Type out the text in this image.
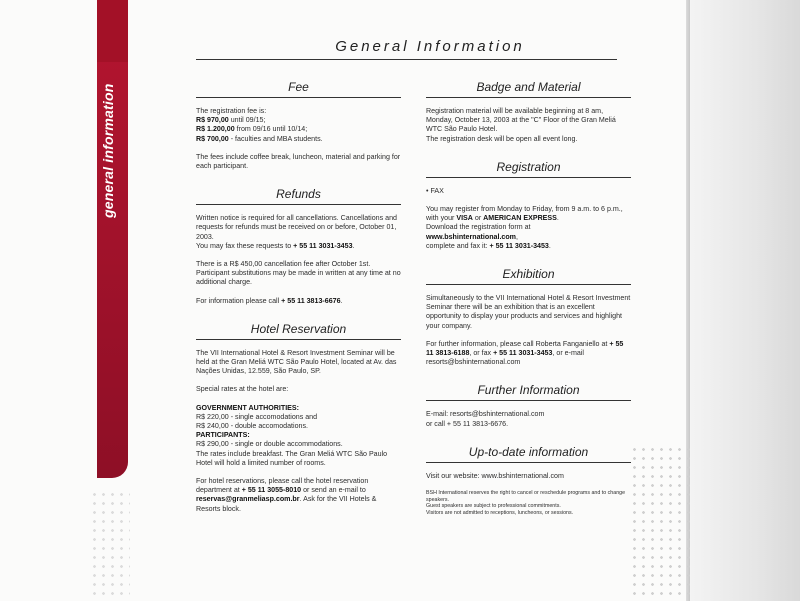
general information
General Information
Fee

The registration fee is:
R$ 970,00 until 09/15;
R$ 1.200,00 from 09/16 until 10/14;
R$ 700,00 - faculties and MBA students.

The fees include coffee break, luncheon, material and parking for each participant.

Refunds

Written notice is required for all cancellations. Cancellations and requests for refunds must be received on or before, October 01, 2003.
You may fax these requests to + 55 11 3031-3453.

There is a R$ 450,00 cancellation fee after October 1st. Participant substitutions may be made in written at any time at no additional charge.

For information please call + 55 11 3813-6676.

Hotel Reservation

The VII International Hotel & Resort Investment Seminar will be held at the Gran Meliá WTC São Paulo Hotel, located at Av. das Nações Unidas, 12.559, São Paulo, SP.

Special rates at the hotel are:

GOVERNMENT AUTHORITIES:
R$ 220,00 - single accomodations and
R$ 240,00 - double accomodations.
PARTICIPANTS:
R$ 290,00 - single or double accommodations.
The rates include breakfast. The Gran Meliá WTC São Paulo Hotel will hold a limited number of rooms.

For hotel reservations, please call the hotel reservation department at + 55 11 3055-8010 or send an e-mail to reservas@granmeliasp.com.br. Ask for the VII Hotels & Resorts block.

Badge and Material

Registration material will be available beginning at 8 am, Monday, October 13, 2003 at the "C" Floor of the Gran Meliá WTC São Paulo Hotel.
The registration desk will be open all event long.

Registration

• FAX

You may register from Monday to Friday, from 9 a.m. to 6 p.m., with your VISA or AMERICAN EXPRESS.
Download the registration form at
www.bshinternational.com,
complete and fax it: + 55 11 3031-3453.

Exhibition

Simultaneously to the VII International Hotel & Resort Investment Seminar there will be an exhibition that is an excellent opportunity to display your products and services and highlight your company.

For further information, please call Roberta Fanganiello at + 55 11 3813-6188, or fax + 55 11 3031-3453, or e-mail resorts@bshinternational.com

Further Information

E-mail: resorts@bshinternational.com
or call + 55 11 3813-6676.

Up-to-date information

Visit our website: www.bshinternational.com

BSH International reserves the right to cancel or reschedule programs and to change speakers.

Guest speakers are subject to professional commitments.

Visitors are not admitted to receptions, luncheons, or sessions.
